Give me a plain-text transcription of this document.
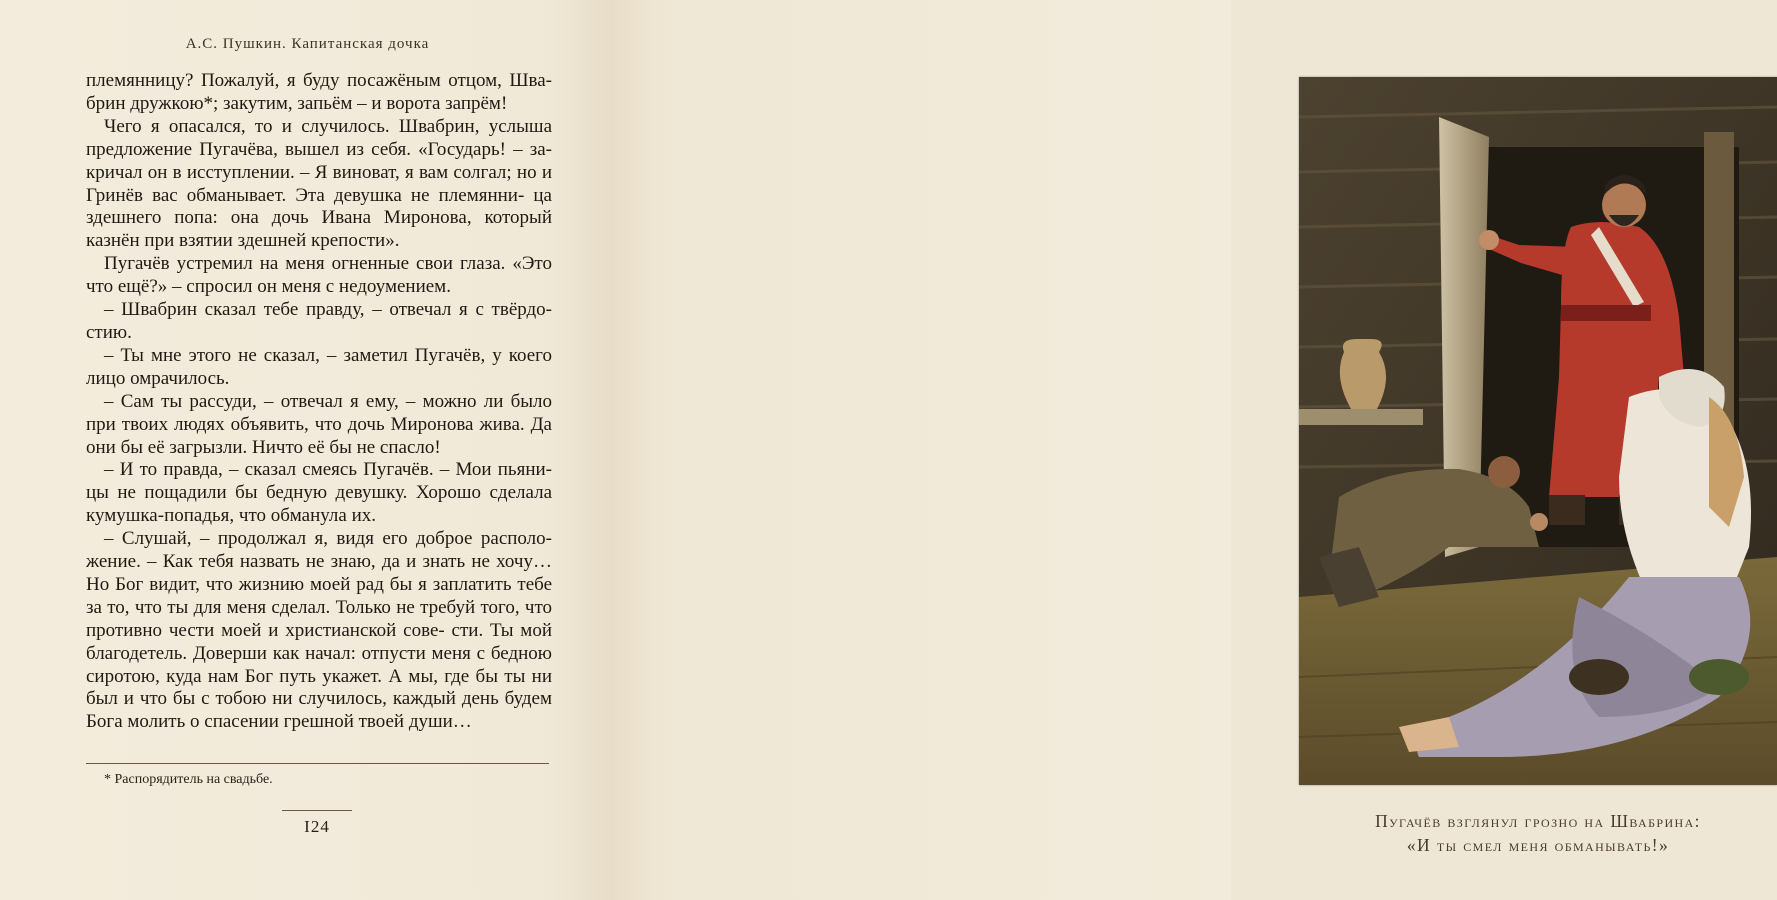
А.С. Пушкин. Капитанская дочка

племянницу? Пожалуй, я буду посажёным отцом, Шва- брин дружкою*; закутим, запьём – и ворота запрём!

Чего я опасался, то и случилось. Швабрин, услыша предложение Пугачёва, вышел из себя. «Государь! – за- кричал он в исступлении. – Я виноват, я вам солгал; но и Гринёв вас обманывает. Эта девушка не племянни- ца здешнего попа: она дочь Ивана Миронова, который казнён при взятии здешней крепости».

Пугачёв устремил на меня огненные свои глаза. «Это что ещё?» – спросил он меня с недоумением.

– Швабрин сказал тебе правду, – отвечал я с твёрдо- стию.

– Ты мне этого не сказал, – заметил Пугачёв, у коего лицо омрачилось.

– Сам ты рассуди, – отвечал я ему, – можно ли было при твоих людях объявить, что дочь Миронова жива. Да они бы её загрызли. Ничто её бы не спасло!

– И то правда, – сказал смеясь Пугачёв. – Мои пьяни- цы не пощадили бы бедную девушку. Хорошо сделала кумушка-попадья, что обманула их.

– Слушай, – продолжал я, видя его доброе располо- жение. – Как тебя назвать не знаю, да и знать не хочу… Но Бог видит, что жизнию моей рад бы я заплатить тебе за то, что ты для меня сделал. Только не требуй того, что противно чести моей и христианской сове- сти. Ты мой благодетель. Доверши как начал: отпусти меня с бедною сиротою, куда нам Бог путь укажет. А мы, где бы ты ни был и что бы с тобою ни случилось, каждый день будем Бога молить о спасении грешной твоей души…

* Распорядитель на свадьбе.
I24	Пугачёв взглянул грозно на Швабрина:
«И ты смел меня обманывать!»
